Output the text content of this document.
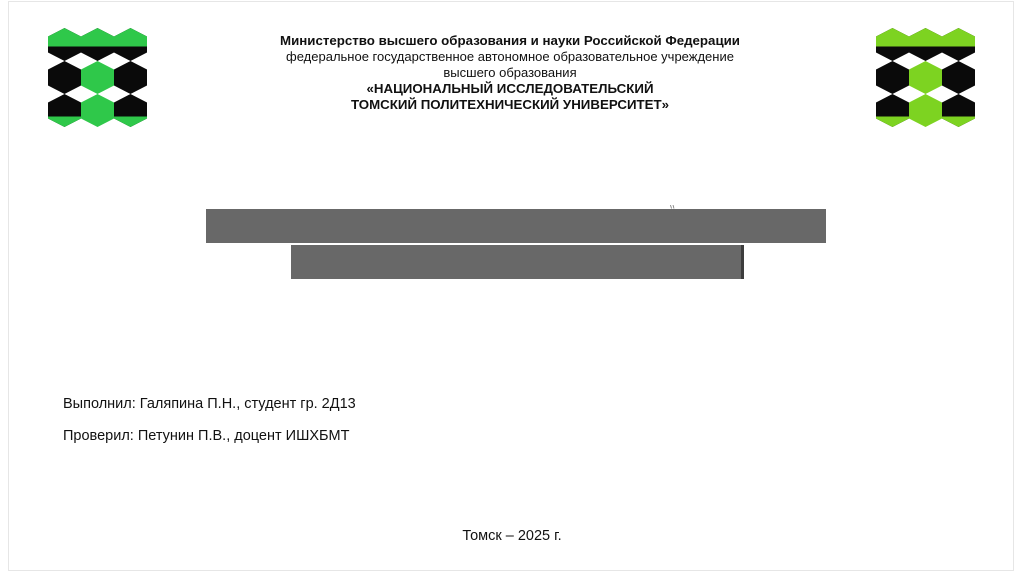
Министерство высшего образования и науки Российской Федерации
федеральное государственное автономное образовательное учреждение
высшего образования
«НАЦИОНАЛЬНЫЙ ИССЛЕДОВАТЕЛЬСКИЙ
ТОМСКИЙ ПОЛИТЕХНИЧЕСКИЙ УНИВЕРСИТЕТ»
Выполнил: Галяпина П.Н., студент гр. 2Д13
Проверил: Петунин П.В., доцент ИШХБМТ
Томск – 2025 г.
